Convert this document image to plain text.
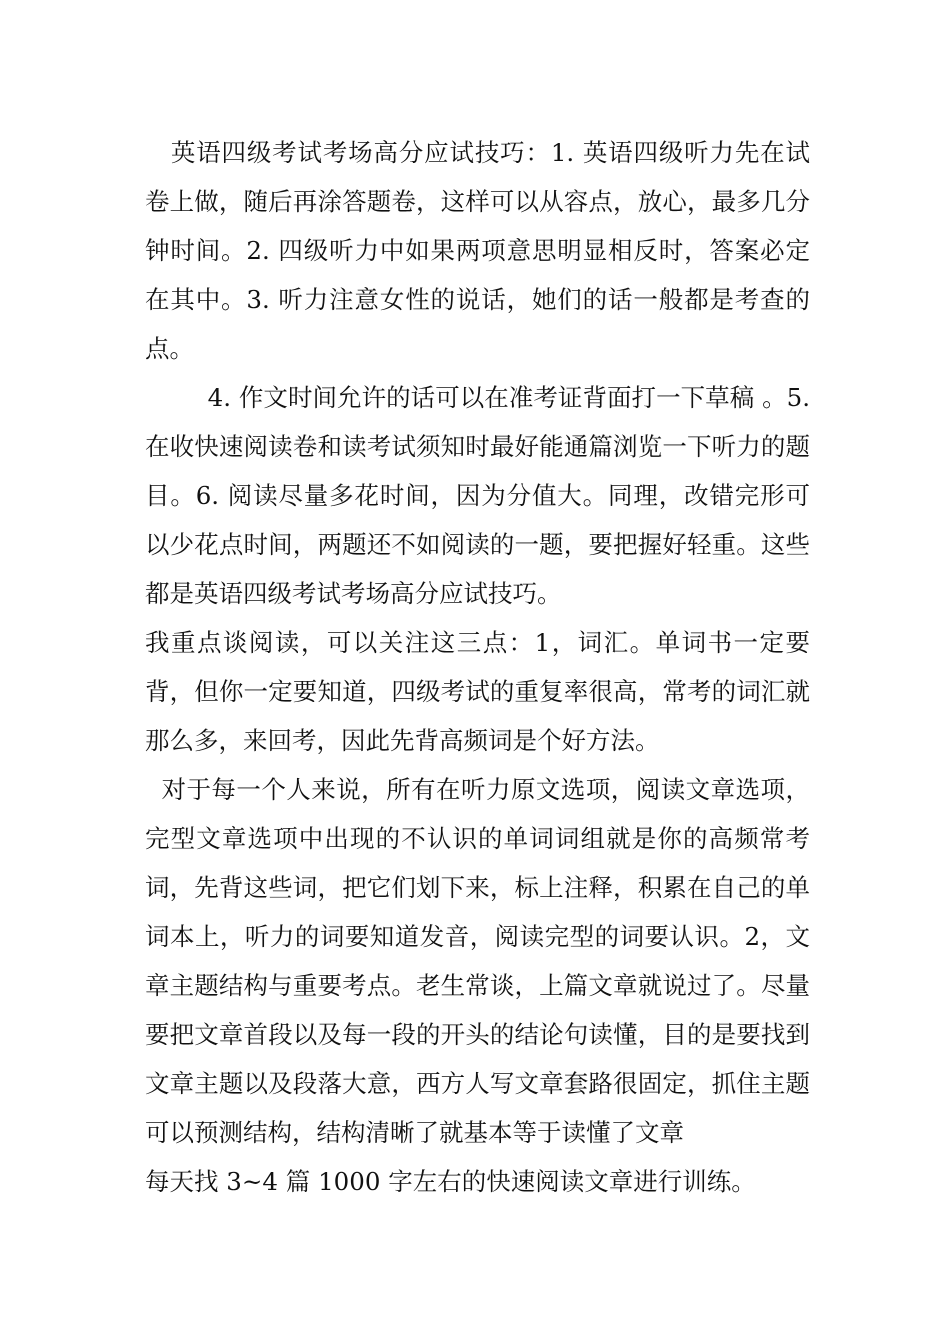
英语四级考试考场高分应试技巧：1. 英语四级听力先在试卷上做，随后再涂答题卷，这样可以从容点，放心，最多几分钟时间。2. 四级听力中如果两项意思明显相反时，答案必定在其中。3. 听力注意女性的说话，她们的话一般都是考查的点。

4. 作文时间允许的话可以在准考证背面打一下草稿 。5. 在收快速阅读卷和读考试须知时最好能通篇浏览一下听力的题目。6. 阅读尽量多花时间，因为分值大。同理，改错完形可以少花点时间，两题还不如阅读的一题，要把握好轻重。这些都是英语四级考试考场高分应试技巧。

我重点谈阅读，可以关注这三点：1，词汇。单词书一定要背，但你一定要知道，四级考试的重复率很高，常考的词汇就那么多，来回考，因此先背高频词是个好方法。

对于每一个人来说，所有在听力原文选项，阅读文章选项，完型文章选项中出现的不认识的单词词组就是你的高频常考词，先背这些词，把它们划下来，标上注释，积累在自己的单词本上，听力的词要知道发音，阅读完型的词要认识。2，文章主题结构与重要考点。老生常谈，上篇文章就说过了。尽量要把文章首段以及每一段的开头的结论句读懂，目的是要找到文章主题以及段落大意，西方人写文章套路很固定，抓住主题可以预测结构，结构清晰了就基本等于读懂了文章

每天找 3~4 篇 1000 字左右的快速阅读文章进行训练。
